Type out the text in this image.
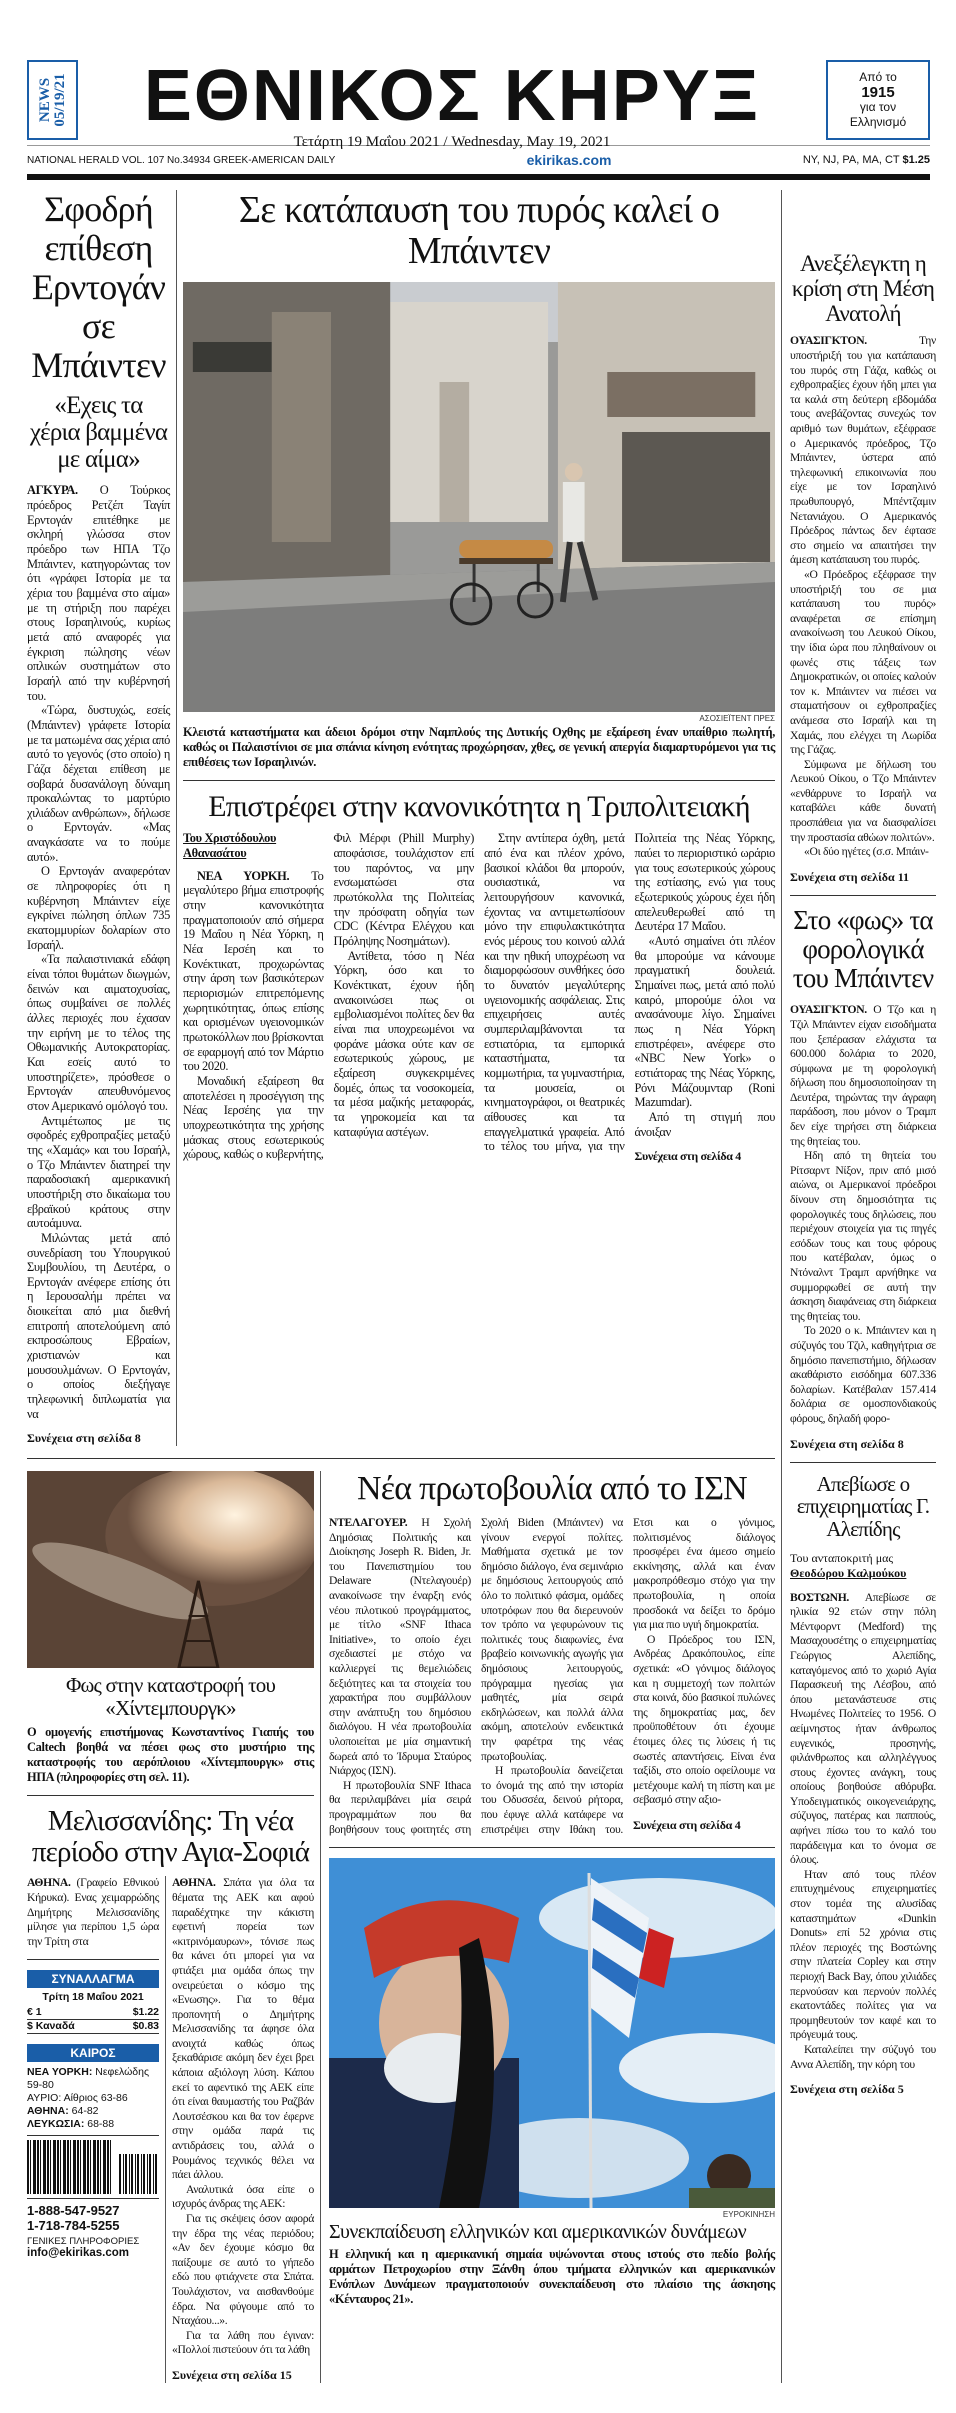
NEWS 05/19/21	ΕΘΝΙΚΟΣ ΚΗΡΥΞ
Τετάρτη 19 Μαΐου 2021 / Wednesday, May 19, 2021
Από το
1915
για τον
Ελληνισμό
NATIONAL HERALD VOL. 107 No.34934 GREEK-AMERICAN DAILY	ekirikas.com	NY, NJ, PA, MA, CT $1.25
Σφοδρή επίθεση Ερντογάν σε Μπάιντεν
«Εχεις τα χέρια βαμμένα με αίμα»

ΑΓΚΥΡΑ. Ο Τούρκος πρόεδρος Ρετζέπ Ταγίπ Ερντογάν επιτέθηκε με σκληρή γλώσσα στον πρόεδρο των ΗΠΑ Τζο Μπάιντεν, κατηγορώντας τον ότι «γράφει Ιστορία με τα χέρια του βαμμένα στο αίμα» με τη στήριξη που παρέχει στους Ισραηλινούς, κυρίως μετά από αναφορές για έγκριση πώλησης νέων οπλικών συστημάτων στο Ισραήλ από την κυβέρνησή του.

«Τώρα, δυστυχώς, εσείς (Μπάιντεν) γράφετε Ιστορία με τα ματωμένα σας χέρια από αυτό το γεγονός (στο οποίο) η Γάζα δέχεται επίθεση με σοβαρά δυσανάλογη δύναμη προκαλώντας το μαρτύριο χιλιάδων ανθρώπων», δήλωσε ο Ερντογάν. «Μας αναγκάσατε να το πούμε αυτό».

Ο Ερντογάν αναφερόταν σε πληροφορίες ότι η κυβέρνηση Μπάιντεν είχε εγκρίνει πώληση όπλων 735 εκατομμυρίων δολαρίων στο Ισραήλ.

«Τα παλαιστινιακά εδάφη είναι τόποι θυμάτων διωγμών, δεινών και αιματοχυσίας, όπως συμβαίνει σε πολλές άλλες περιοχές που έχασαν την ειρήνη με το τέλος της Οθωμανικής Αυτοκρατορίας. Και εσείς αυτό το υποστηρίζετε», πρόσθεσε ο Ερντογάν απευθυνόμενος στον Αμερικανό ομόλογό του.

Αντιμέτωπος με τις σφοδρές εχθροπραξίες μεταξύ της «Χαμάς» και του Ισραήλ, ο Τζο Μπάιντεν διατηρεί την παραδοσιακή αμερικανική υποστήριξη στο δικαίωμα του εβραϊκού κράτους στην αυτοάμυνα.

Μιλώντας μετά από συνεδρίαση του Υπουργικού Συμβουλίου, τη Δευτέρα, ο Ερντογάν ανέφερε επίσης ότι η Ιερουσαλήμ πρέπει να διοικείται από μια διεθνή επιτροπή αποτελούμενη από εκπροσώπους Εβραίων, χριστιανών και μουσουλμάνων. Ο Ερντογάν, ο οποίος διεξήγαγε τηλεφωνική διπλωματία για να

Συνέχεια στη σελίδα 8
Σε κατάπαυση του πυρός καλεί ο Μπάιντεν
ΑΣΟΣΙΕΪΤΕΝΤ ΠΡΕΣ
Κλειστά καταστήματα και άδειοι δρόμοι στην Ναμπλούς της Δυτικής Οχθης με εξαίρεση έναν υπαίθριο πωλητή, καθώς οι Παλαιστίνιοι σε μια σπάνια κίνηση ενότητας προχώρησαν, χθες, σε γενική απεργία διαμαρτυρόμενοι για τις επιθέσεις των Ισραηλινών.
Επιστρέφει στην κανονικότητα η Τριπολιτειακή
Του Χριστόδουλου Αθανασάτου

ΝΕΑ ΥΟΡΚΗ. Το μεγαλύτερο βήμα επιστροφής στην κανονικότητα πραγματοποιούν από σήμερα 19 Μαΐου η Νέα Υόρκη, η Νέα Ιερσέη και το Κονέκτικατ, προχωρώντας στην άρση των βασικότερων περιορισμών επιτρεπόμενης χωρητικότητας, όπως επίσης και ορισμένων υγειονομικών πρωτοκόλλων που βρίσκονται σε εφαρμογή από τον Μάρτιο του 2020.

Μοναδική εξαίρεση θα αποτελέσει η προσέγγιση της Νέας Ιερσέης για την υποχρεωτικότητα της χρήσης μάσκας στους εσωτερικούς χώρους, καθώς ο κυβερνήτης, Φιλ Μέρφι (Phill Murphy) αποφάσισε, τουλάχιστον επί του παρόντος, να μην ενσωματώσει στα πρωτόκολλα της Πολιτείας την πρόσφατη οδηγία των CDC (Κέντρα Ελέγχου και Πρόληψης Νοσημάτων).

Αντίθετα, τόσο η Νέα Υόρκη, όσο και το Κονέκτικατ, έχουν ήδη ανακοινώσει πως οι εμβολιασμένοι πολίτες δεν θα είναι πια υποχρεωμένοι να φοράνε μάσκα ούτε καν σε εσωτερικούς χώρους, με εξαίρεση συγκεκριμένες δομές, όπως τα νοσοκομεία, τα μέσα μαζικής μεταφοράς, τα γηροκομεία και τα καταφύγια αστέγων.

Στην αντίπερα όχθη, μετά από ένα και πλέον χρόνο, βασικοί κλάδοι θα μπορούν, ουσιαστικά, να λειτουργήσουν κανονικά, έχοντας να αντιμετωπίσουν μόνο την επιφυλακτικότητα ενός μέρους του κοινού αλλά και την ηθική υποχρέωση να διαμορφώσουν συνθήκες όσο το δυνατόν μεγαλύτερης υγειονομικής ασφάλειας. Στις επιχειρήσεις αυτές συμπεριλαμβάνονται τα εστιατόρια, τα εμπορικά καταστήματα, τα κομμωτήρια, τα γυμναστήρια, τα μουσεία, οι κινηματογράφοι, οι θεατρικές αίθουσες και τα επαγγελματικά γραφεία. Από το τέλος του μήνα, για την Πολιτεία της Νέας Υόρκης, παύει το περιοριστικό ωράριο για τους εσωτερικούς χώρους της εστίασης, ενώ για τους εξωτερικούς χώρους έχει ήδη απελευθερωθεί από τη Δευτέρα 17 Μαΐου.

«Αυτό σημαίνει ότι πλέον θα μπορούμε να κάνουμε πραγματική δουλειά. Σημαίνει πως, μετά από πολύ καιρό, μπορούμε όλοι να ανασάνουμε λίγο. Σημαίνει πως η Νέα Υόρκη επιστρέφει», ανέφερε στο «NBC New York» ο εστιάτορας της Νέας Υόρκης, Ρόνι Μάζουμνταρ (Roni Mazumdar).

Από τη στιγμή που άνοιξαν

Συνέχεια στη σελίδα 4
Φως στην καταστροφή του «Χίντεμπουργκ»
Ο ομογενής επιστήμονας Κωνσταντίνος Γιαπής του Caltech βοηθά να πέσει φως στο μυστήριο της καταστροφής του αερόπλοιου «Χίντεμπουργκ» στις ΗΠΑ (πληροφορίες στη σελ. 11).
Μελισσανίδης: Τη νέα περίοδο στην Αγια-Σοφιά
ΑΘΗΝΑ. (Γραφείο Εθνικού Κήρυκα). Ενας χειμαρρώδης Δημήτρης Μελισσανίδης μίλησε για περίπου 1,5 ώρα την Τρίτη στα
ΣΥΝΑΛΛΑΓΜΑ
Τρίτη 18 Μαΐου 2021
€ 1	$1.22
$ Καναδά	$0.83
ΚΑΙΡΟΣ
ΝΕΑ ΥΟΡΚΗ: Νεφελώδης 59-80
ΑΥΡΙΟ: Αίθριος 63-86
ΑΘΗΝΑ: 64-82
ΛΕΥΚΩΣΙΑ: 68-88
1-888-547-9527
1-718-784-5255
ΓΕΝΙΚΕΣ ΠΛΗΡΟΦΟΡΙΕΣ
info@ekirikas.com

ΑΘΗΝΑ. Σπάτα για όλα τα θέματα της ΑΕΚ και αφού παραδέχτηκε την κάκιστη εφετινή πορεία των «κιτρινόμαυρων», τόνισε πως θα κάνει ότι μπορεί για να φτιάξει μια ομάδα όπως την ονειρεύεται ο κόσμο της «Ενωσης». Για το θέμα προπονητή ο Δημήτρης Μελισσανίδης τα άφησε όλα ανοιχτά καθώς όπως ξεκαθάρισε ακόμη δεν έχει βρει κάποια αξιόλογη λύση. Κάπου εκεί το αφεντικό της ΑΕΚ είπε ότι είναι θαυμαστής του Ραζβάν Λουτσέσκου και θα τον έφερνε στην ομάδα παρά τις αντιδράσεις του, αλλά ο Ρουμάνος τεχνικός θέλει να πάει άλλου.

Αναλυτικά όσα είπε ο ισχυρός άνδρας της ΑΕΚ:

Για τις σκέψεις όσον αφορά την έδρα της νέας περιόδου; «Αν δεν έχουμε κόσμο θα παίξουμε σε αυτό το γήπεδο εδώ που φτιάχνετε στα Σπάτα. Τουλάχιστον, να αισθανθούμε έδρα. Να φύγουμε από το Νταχάου...».

Για τα λάθη που έγιναν: «Πολλοί πιστεύουν ότι τα λάθη

Συνέχεια στη σελίδα 15
Νέα πρωτοβουλία από το ΙΣΝ

ΝΤΕΛΑΓΟΥΕΡ. Η Σχολή Δημόσιας Πολιτικής και Διοίκησης Joseph R. Biden, Jr. του Πανεπιστημίου του Delaware (Ντελαγουέρ) ανακοίνωσε την έναρξη ενός νέου πιλοτικού προγράμματος, με τίτλο «SNF Ithaca Initiative», το οποίο έχει σχεδιαστεί με στόχο να καλλιεργεί τις θεμελιώδεις δεξιότητες και τα στοιχεία του χαρακτήρα που συμβάλλουν στην ανάπτυξη του δημόσιου διαλόγου. Η νέα πρωτοβουλία υλοποιείται με μία σημαντική δωρεά από το Ίδρυμα Σταύρος Νιάρχος (ΙΣΝ).

Η πρωτοβουλία SNF Ithaca θα περιλαμβάνει μία σειρά προγραμμάτων που θα βοηθήσουν τους φοιτητές στη Σχολή Biden (Μπάιντεν) να γίνουν ενεργοί πολίτες. Μαθήματα σχετικά με τον δημόσιο διάλογο, ένα σεμινάριο με δημόσιους λειτουργούς από όλο το πολιτικό φάσμα, ομάδες υποτρόφων που θα διερευνούν τον τρόπο να γεφυρώνουν τις πολιτικές τους διαφωνίες, ένα βραβείο κοινωνικής αγωγής για δημόσιους λειτουργούς, πρόγραμμα ηγεσίας για μαθητές, μία σειρά εκδηλώσεων, και πολλά άλλα ακόμη, αποτελούν ενδεικτικά την φαρέτρα της νέας πρωτοβουλίας.

Η πρωτοβουλία δανείζεται το όνομά της από την ιστορία του Οδυσσέα, δεινού ρήτορα, που έφυγε αλλά κατάφερε να επιστρέψει στην Ιθάκη του. Ετσι και ο γόνιμος, πολιτισμένος διάλογος προσφέρει ένα άμεσο σημείο εκκίνησης, αλλά και έναν μακροπρόθεσμο στόχο για την πρωτοβουλία, η οποία προσδοκά να δείξει το δρόμο για μια πιο υγιή δημοκρατία.

Ο Πρόεδρος του ΙΣΝ, Ανδρέας Δρακόπουλος, είπε σχετικά: «Ο γόνιμος διάλογος και η συμμετοχή των πολιτών στα κοινά, δύο βασικοί πυλώνες της δημοκρατίας μας, δεν προϋποθέτουν ότι έχουμε έτοιμες όλες τις λύσεις ή τις σωστές απαντήσεις. Είναι ένα ταξίδι, στο οποίο οφείλουμε να μετέχουμε καλή τη πίστη και με σεβασμό στην αξιο-

Συνέχεια στη σελίδα 4
ΕΥΡΟΚΙΝΗΣΗ
Συνεκπαίδευση ελληνικών και αμερικανικών δυνάμεων
Η ελληνική και η αμερικανική σημαία υψώνονται στους ιστούς στο πεδίο βολής αρμάτων Πετροχωρίου στην Ξάνθη όπου τμήματα ελληνικών και αμερικανικών Ενόπλων Δυνάμεων πραγματοποιούν συνεκπαίδευση στο πλαίσιο της άσκησης «Κένταυρος 21».
Ανεξέλεγκτη η κρίση στη Μέση Ανατολή

ΟΥΑΣΙΓΚΤΟΝ.	Την υποστήριξή του για κατάπαυση του πυρός στη Γάζα, καθώς οι εχθροπραξίες έχουν ήδη μπει για τα καλά στη δεύτερη εβδομάδα τους ανεβάζοντας συνεχώς τον αριθμό των θυμάτων, εξέφρασε ο Αμερικανός πρόεδρος, Τζο Μπάιντεν, ύστερα από τηλεφωνική επικοινωνία που είχε με τον Ισραηλινό πρωθυπουργό, Μπέντζαμιν Νετανιάχου. Ο Αμερικανός Πρόεδρος πάντως δεν έφτασε στο σημείο να απαιτήσει την άμεση κατάπαυση του πυρός.

«Ο Πρόεδρος εξέφρασε την υποστήριξή του σε μια κατάπαυση του πυρός» αναφέρεται σε επίσημη ανακοίνωση του Λευκού Οίκου, την ίδια ώρα που πληθαίνουν οι φωνές στις τάξεις των Δημοκρατικών, οι οποίες καλούν τον κ. Μπάιντεν να πιέσει να σταματήσουν οι εχθροπραξίες ανάμεσα στο Ισραήλ και τη Χαμάς, που ελέγχει τη Λωρίδα της Γάζας.

Σύμφωνα με δήλωση του Λευκού Οίκου, ο Τζο Μπάιντεν «ενθάρρυνε το Ισραήλ να καταβάλει κάθε δυνατή προσπάθεια για να διασφαλίσει την προστασία αθώων πολιτών».

«Οι δύο ηγέτες (σ.σ. Μπάιν-

Συνέχεια στη σελίδα 11
Στο «φως» τα φορολογικά του Μπάιντεν

ΟΥΑΣΙΓΚΤΟΝ. Ο Τζο και η Τζιλ Μπάιντεν είχαν εισοδήματα που ξεπέρασαν ελάχιστα τα 600.000 δολάρια το 2020, σύμφωνα με τη φορολογική δήλωση που δημοσιοποίησαν τη Δευτέρα, τηρώντας την άγραφη παράδοση, που μόνον ο Τραμπ δεν είχε τηρήσει στη διάρκεια της θητείας του.

Ηδη από τη θητεία του Ρίτσαρντ Νίξον, πριν από μισό αιώνα, οι Αμερικανοί πρόεδροι δίνουν στη δημοσιότητα τις φορολογικές τους δηλώσεις, που περιέχουν στοιχεία για τις πηγές εσόδων τους και τους φόρους που κατέβαλαν, όμως ο Ντόναλντ Τραμπ αρνήθηκε να συμμορφωθεί σε αυτή την άσκηση διαφάνειας στη διάρκεια της θητείας του.

Το 2020 ο κ. Μπάιντεν και η σύζυγός του Τζιλ, καθηγήτρια σε δημόσιο πανεπιστήμιο, δήλωσαν ακαθάριστο εισόδημα 607.336 δολαρίων. Κατέβαλαν 157.414 δολάρια σε ομοσπονδιακούς φόρους, δηλαδή φορο-

Συνέχεια στη σελίδα 8
Απεβίωσε ο επιχειρηματίας Γ. Αλεπίδης
Του ανταποκριτή μας
Θεοδώρου Καλμούκου

ΒΟΣΤΩΝΗ. Απεβίωσε σε ηλικία 92 ετών στην πόλη Μέντφορντ (Medford) της Μασαχουσέτης ο επιχειρηματίας Γεώργιος Αλεπίδης, καταγόμενος από το χωριό Αγία Παρασκευή της Λέσβου, από όπου μετανάστευσε στις Ηνωμένες Πολιτείες το 1956. Ο αείμνηστος ήταν άνθρωπος ευγενικός, προσηνής, φιλάνθρωπος και αλληλέγγυος στους έχοντες ανάγκη, τους οποίους βοηθούσε αθόρυβα. Υποδειγματικός οικογενειάρχης, σύζυγος, πατέρας και παππούς, αφήνει πίσω του το καλό του παράδειγμα και το όνομα σε όλους.

Ηταν από τους πλέον επιτυχημένους επιχειρηματίες στον τομέα της αλυσίδας καταστημάτων «Dunkin Donuts» επί 52 χρόνια στις πλέον περιοχές της Βοστώνης στην πλατεία Copley και στην περιοχή Back Bay, όπου χιλιάδες περνούσαν και περνούν πολλές εκατοντάδες πολίτες για να προμηθευτούν τον καφέ και το πρόγευμά τους.

Καταλείπει την σύζυγό του Αννα Αλεπίδη, την κόρη του

Συνέχεια στη σελίδα 5
